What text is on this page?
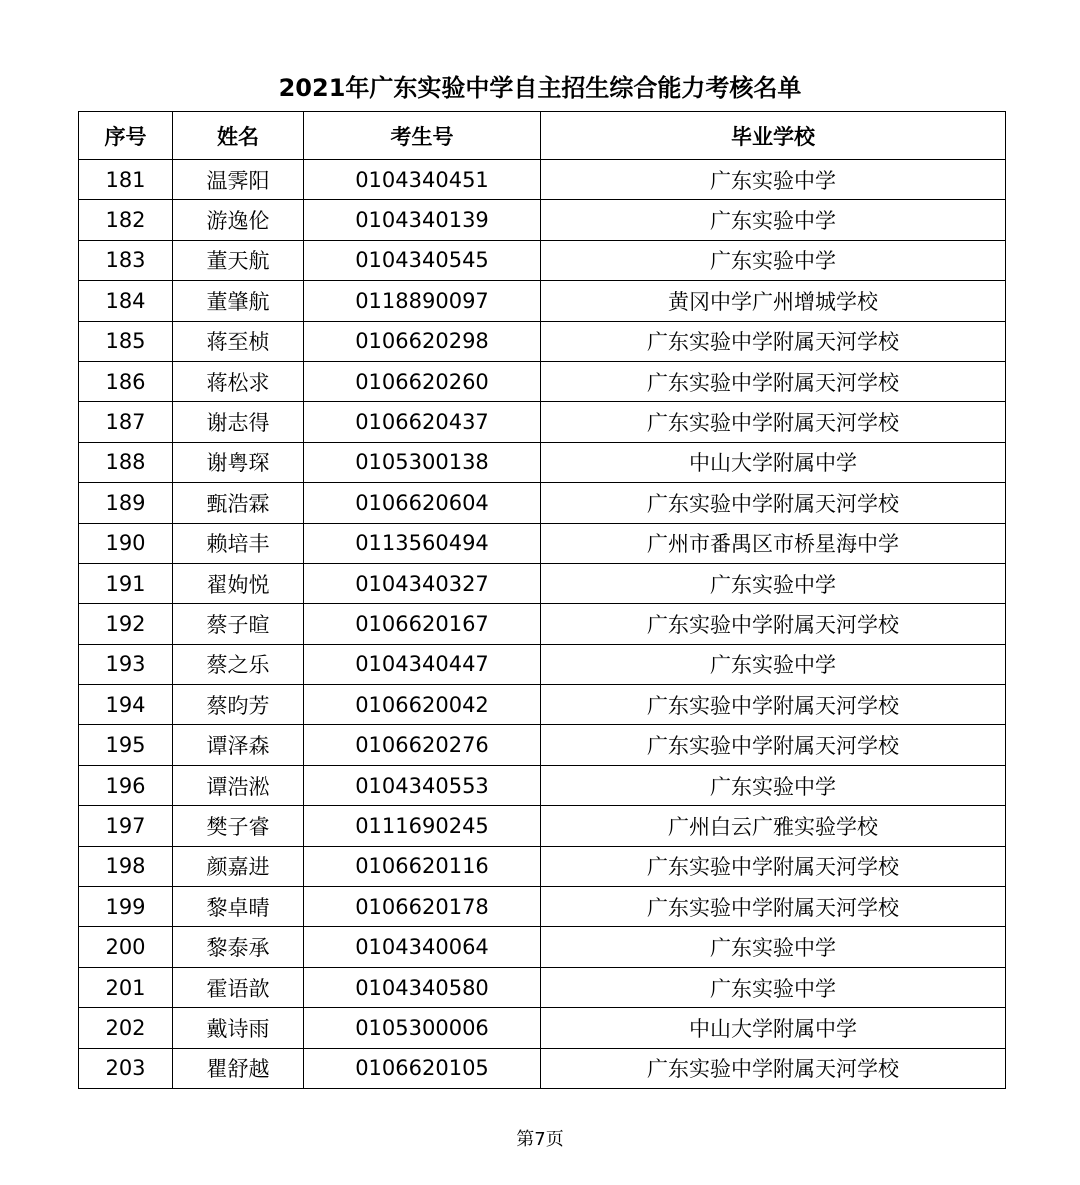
2021年广东实验中学自主招生综合能力考核名单
序号	姓名	考生号	毕业学校
181	温霁阳	0104340451	广东实验中学
182	游逸伦	0104340139	广东实验中学
183	董天航	0104340545	广东实验中学
184	董肇航	0118890097	黄冈中学广州增城学校
185	蒋至桢	0106620298	广东实验中学附属天河学校
186	蒋松求	0106620260	广东实验中学附属天河学校
187	谢志得	0106620437	广东实验中学附属天河学校
188	谢粤琛	0105300138	中山大学附属中学
189	甄浩霖	0106620604	广东实验中学附属天河学校
190	赖培丰	0113560494	广州市番禺区市桥星海中学
191	翟姁悦	0104340327	广东实验中学
192	蔡子暄	0106620167	广东实验中学附属天河学校
193	蔡之乐	0104340447	广东实验中学
194	蔡昀芳	0106620042	广东实验中学附属天河学校
195	谭泽森	0106620276	广东实验中学附属天河学校
196	谭浩淞	0104340553	广东实验中学
197	樊子睿	0111690245	广州白云广雅实验学校
198	颜嘉进	0106620116	广东实验中学附属天河学校
199	黎卓晴	0106620178	广东实验中学附属天河学校
200	黎泰承	0104340064	广东实验中学
201	霍语歆	0104340580	广东实验中学
202	戴诗雨	0105300006	中山大学附属中学
203	瞿舒越	0106620105	广东实验中学附属天河学校
第7页
